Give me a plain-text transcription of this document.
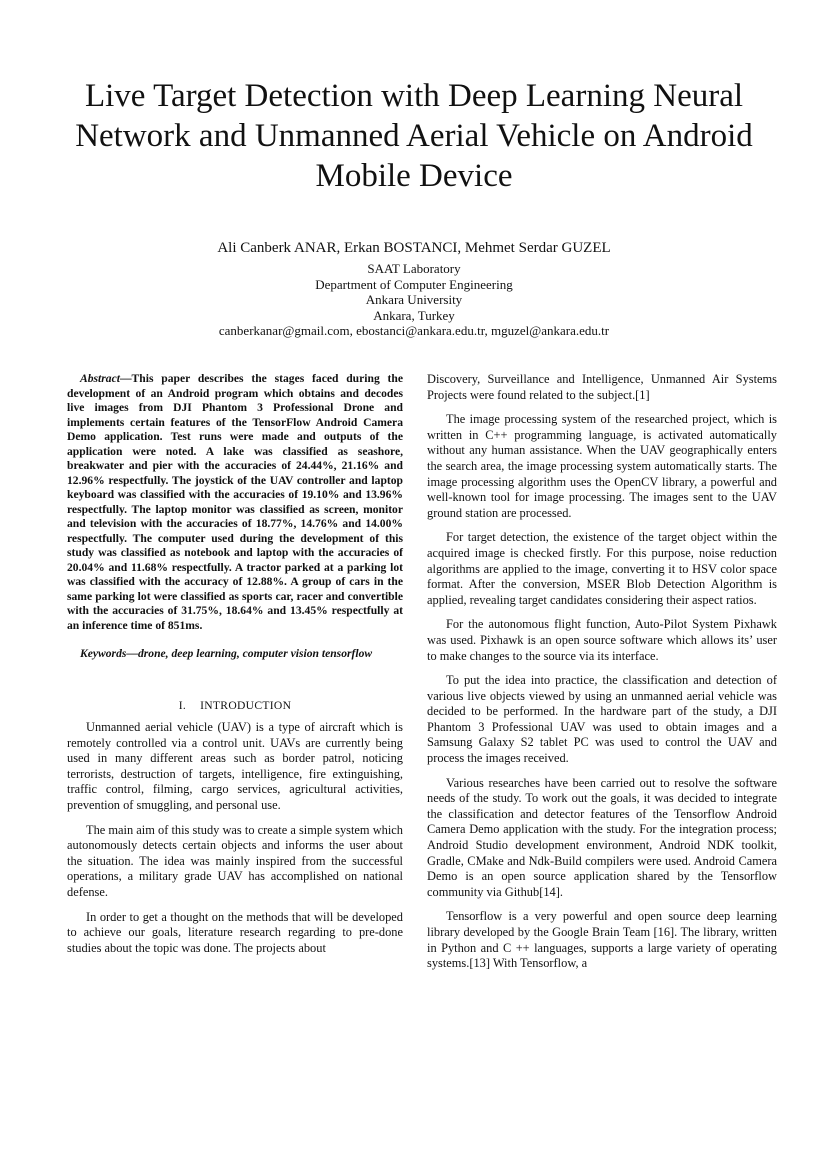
Live Target Detection with Deep Learning Neural Network and Unmanned Aerial Vehicle on Android Mobile Device
Ali Canberk ANAR, Erkan BOSTANCI, Mehmet Serdar GUZEL
SAAT Laboratory
Department of Computer Engineering
Ankara University
Ankara, Turkey
canberkanar@gmail.com, ebostanci@ankara.edu.tr, mguzel@ankara.edu.tr

Abstract—This paper describes the stages faced during the development of an Android program which obtains and decodes live images from DJI Phantom 3 Professional Drone and implements certain features of the TensorFlow Android Camera Demo application. Test runs were made and outputs of the application were noted. A lake was classified as seashore, breakwater and pier with the accuracies of 24.44%, 21.16% and 12.96% respectfully. The joystick of the UAV controller and laptop keyboard was classified with the accuracies of 19.10% and 13.96% respectfully. The laptop monitor was classified as screen, monitor and television with the accuracies of 18.77%, 14.76% and 14.00% respectfully. The computer used during the development of this study was classified as notebook and laptop with the accuracies of 20.04% and 11.68% respectfully. A tractor parked at a parking lot was classified with the accuracy of 12.88%. A group of cars in the same parking lot were classified as sports car, racer and convertible with the accuracies of 31.75%, 18.64% and 13.45% respectfully at an inference time of 851ms.

Keywords—drone, deep learning, computer vision tensorflow

I. INTRODUCTION

Unmanned aerial vehicle (UAV) is a type of aircraft which is remotely controlled via a control unit. UAVs are currently being used in many different areas such as border patrol, noticing terrorists, destruction of targets, intelligence, fire extinguishing, traffic control, filming, cargo services, agricultural activities, prevention of smuggling, and personal use.

The main aim of this study was to create a simple system which autonomously detects certain objects and informs the user about the situation. The idea was mainly inspired from the successful operations, a military grade UAV has accomplished on national defense.

In order to get a thought on the methods that will be developed to achieve our goals, literature research regarding to pre-done studies about the topic was done. The projects about

Discovery, Surveillance and Intelligence, Unmanned Air Systems Projects were found related to the subject.[1]

The image processing system of the researched project, which is written in C++ programming language, is activated automatically without any human assistance. When the UAV geographically enters the search area, the image processing system automatically starts. The image processing algorithm uses the OpenCV library, a powerful and well-known tool for image processing. The images sent to the UAV ground station are processed.

For target detection, the existence of the target object within the acquired image is checked firstly. For this purpose, noise reduction algorithms are applied to the image, converting it to HSV color space format. After the conversion, MSER Blob Detection Algorithm is applied, revealing target candidates considering their aspect ratios.

For the autonomous flight function, Auto-Pilot System Pixhawk was used. Pixhawk is an open source software which allows its’ user to make changes to the source via its interface.

To put the idea into practice, the classification and detection of various live objects viewed by using an unmanned aerial vehicle was decided to be performed. In the hardware part of the study, a DJI Phantom 3 Professional UAV was used to obtain images and a Samsung Galaxy S2 tablet PC was used to control the UAV and process the images received.

Various researches have been carried out to resolve the software needs of the study. To work out the goals, it was decided to integrate the classification and detector features of the Tensorflow Android Camera Demo application with the study. For the integration process; Android Studio development environment, Android NDK toolkit, Gradle, CMake and Ndk-Build compilers were used. Android Camera Demo is an open source application shared by the Tensorflow community via Github[14].

Tensorflow is a very powerful and open source deep learning library developed by the Google Brain Team [16]. The library, written in Python and C ++ languages, supports a large variety of operating systems.[13] With Tensorflow, a
